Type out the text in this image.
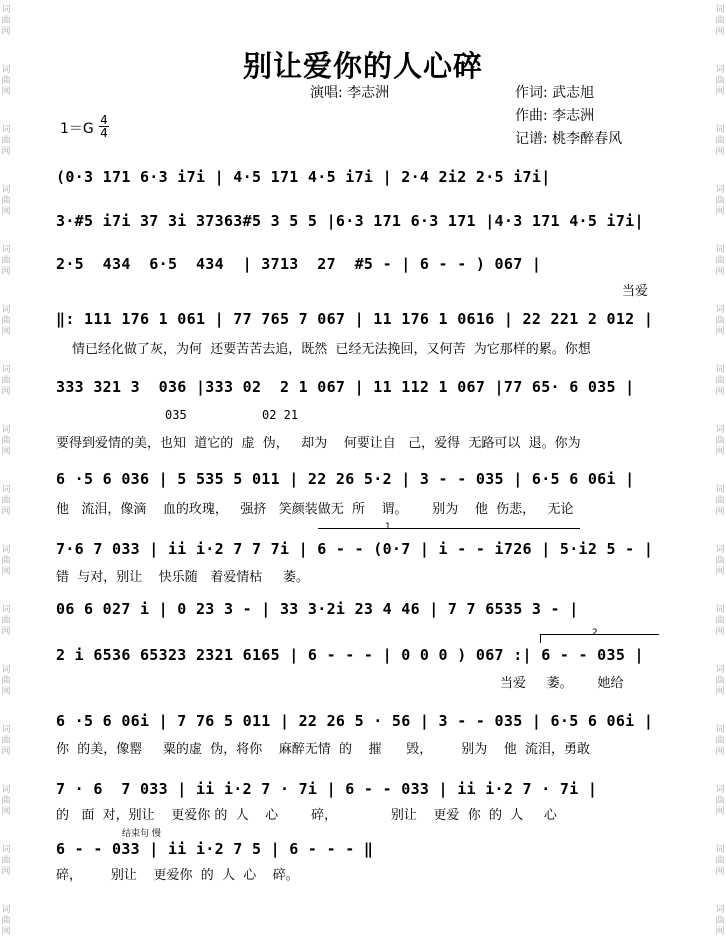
词
曲
网
词
曲
网
词
曲
网
词
曲
网
词
曲
网
词
曲
网
词
曲
网
词
曲
网
词
曲
网
词
曲
网
词
曲
网
词
曲
网
词
曲
网
词
曲
网
词
曲
网
词
曲
网
词
曲
网
词
曲
网
词
曲
网
词
曲
网
词
曲
网
词
曲
网
词
曲
网
词
曲
网
词
曲
网
词
曲
网
词
曲
网
词
曲
网
词
曲
网
词
曲
网
词
曲
网
词
曲
网
别让爱你的人心碎
演唱: 李志洲	作词: 武志旭
作曲: 李志洲
记谱: 桃李醉春风
1＝G
4
4
(0·3 171 6·3 i7i | 4·5 171 4·5 i7i | 2·4 2i2 2·5 i7i|
3·#5 i7i 37 3i 37363#5 3 5 5 |6·3 171 6·3 171 |4·3 171 4·5 i7i|
2·5  434  6·5  434  | 3713  27  #5 - | 6 - - ) 067 |
当爱
‖: 111 176 1 061 | 77 765 7 067 | 11 176 1 0616 | 22 221 2 012 |
情已经化做了灰，为何  还要苦苦去追，既然  已经无法挽回，又何苦  为它那样的累。你想
333 321 3  036 |333 02  2 1 067 | 11 112 1 067 |77 65· 6 035 |
035	02 21
要得到爱情的美，也知  道它的  虚  伪，   却为    何要让自   己，爱得  无路可以  退。你为
6 ·5 6 036 | 5 535 5 011 | 22 26 5·2 | 3 - - 035 | 6·5 6 06i |
他   流泪，像滴    血的玫瑰，   强挤   笑颜装做无  所    谓。      别为    他  伤悲，   无论
1
7·6 7 033 | ii i·2 7 7 7i | 6 - - (0·7 | i - - i726 | 5·i2 5 - |
错  与对，别让    快乐随   着爱情枯     萎。
06 6 027 i | 0 23 3 - | 33 3·2i 23 4 46 | 7 7 6535 3 - |
2
2 i 6536 65323 2321 6165 | 6 - - - | 0 0 0 ) 067 :| 6 - - 035 |
当爱     萎。      她给
6 ·5 6 06i | 7 76 5 011 | 22 26 5 · 56 | 3 - - 035 | 6·5 6 06i |
你  的美，像罂     粟的虚  伪，将你    麻醉无情  的    摧      毁，       别为    他  流泪，勇敢
7 · 6  7 033 | ii i·2 7 · 7i | 6 - - 033 | ii i·2 7 · 7i |
的   面  对，别让    更爱你 的  人    心        碎，             别让    更爱  你  的  人     心
结束句 慢
6 - - 033 | ii i·2 7 5 | 6 - - - ‖
碎，       别让    更爱你  的  人  心    碎。
